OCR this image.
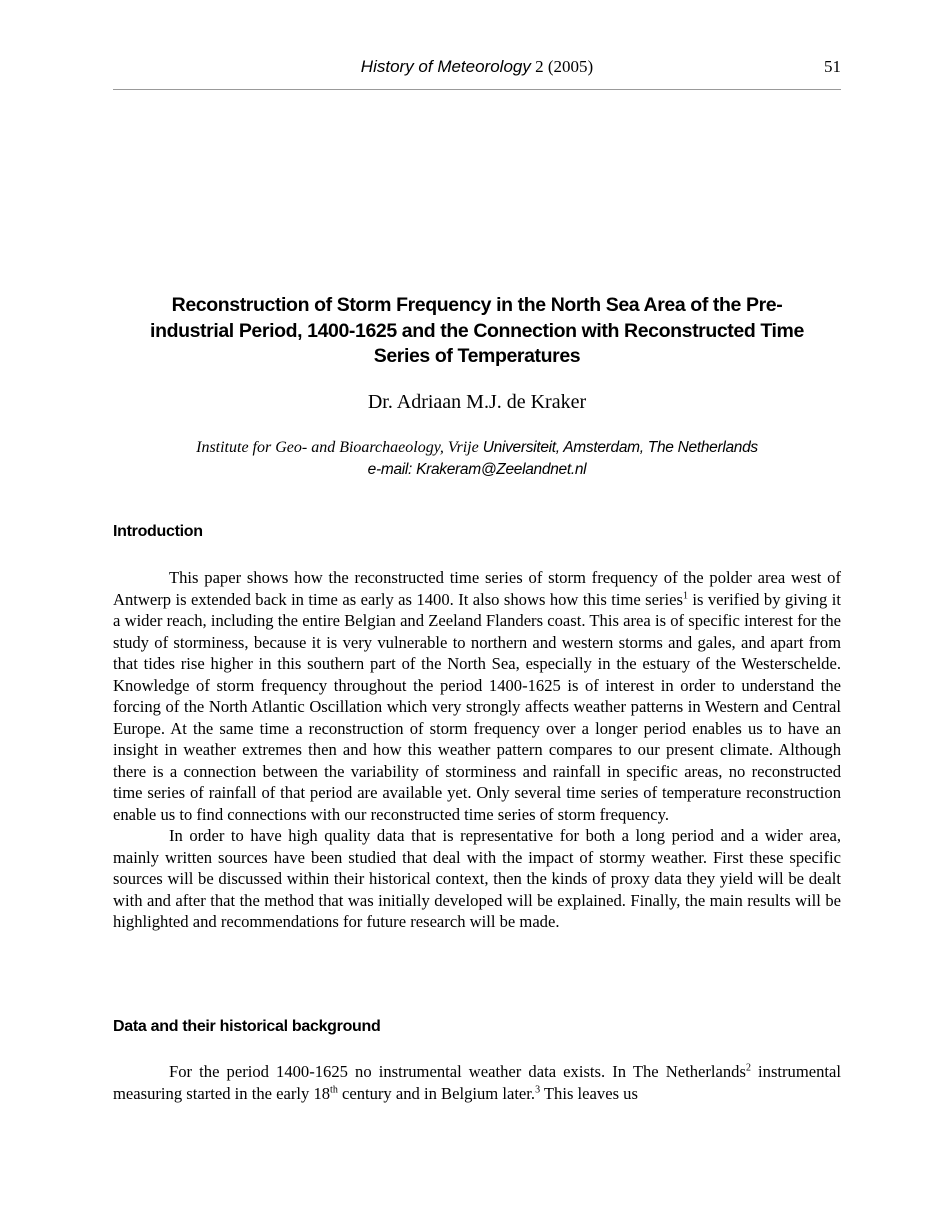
History of Meteorology 2 (2005)	51
Reconstruction of Storm Frequency in the North Sea Area of the Pre-
industrial Period, 1400-1625 and the Connection with Reconstructed Time
Series of Temperatures
Dr. Adriaan M.J. de Kraker
Institute for Geo- and Bioarchaeology, Vrije Universiteit, Amsterdam, The Netherlands
e-mail: Krakeram@Zeelandnet.nl
Introduction

This paper shows how the reconstructed time series of storm frequency of the polder area west of Antwerp is extended back in time as early as 1400. It also shows how this time series$^1$ is verified by giving it a wider reach, including the entire Belgian and Zeeland Flanders coast. This area is of specific interest for the study of storminess, because it is very vulnerable to northern and western storms and gales, and apart from that tides rise higher in this southern part of the North Sea, especially in the estuary of the Westerschelde. Knowledge of storm frequency throughout the period 1400-1625 is of interest in order to understand the forcing of the North Atlantic Oscillation which very strongly affects weather patterns in Western and Central Europe. At the same time a reconstruction of storm frequency over a longer period enables us to have an insight in weather extremes then and how this weather pattern compares to our present climate. Although there is a connection between the variability of storminess and rainfall in specific areas, no reconstructed time series of rainfall of that period are available yet. Only several time series of temperature reconstruction enable us to find connections with our reconstructed time series of storm frequency.

In order to have high quality data that is representative for both a long period and a wider area, mainly written sources have been studied that deal with the impact of stormy weather. First these specific sources will be discussed within their historical context, then the kinds of proxy data they yield will be dealt with and after that the method that was initially developed will be explained. Finally, the main results will be highlighted and recommendations for future research will be made.

Data and their historical background

For the period 1400-1625 no instrumental weather data exists. In The Netherlands$^2$ instrumental measuring started in the early 18th century and in Belgium later.$^3$ This leaves us
